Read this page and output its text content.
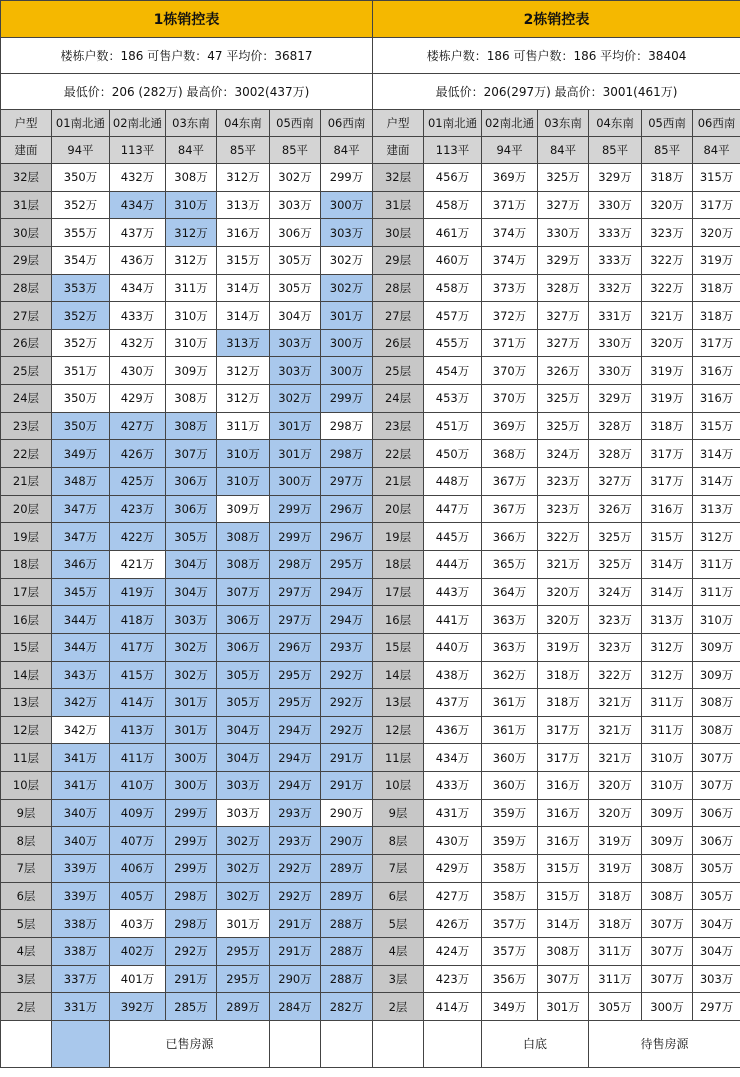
1栋销控表							2栋销控表							
楼栋户数：186 可售户数：47 平均价：36817							楼栋户数：186 可售户数：186 平均价：38404							
最低价：206 (282万) 最高价：3002(437万)							最低价：206(297万) 最高价：3001(461万)							
户型	01南北通	02南北通	03东南	04东南	05西南	06西南	户型	01南北通	02南北通	03东南	04东南	05西南	06西南	
建面	94平	113平	84平	85平	85平	84平	建面	113平	94平	84平	85平	85平	84平	
32层	350万	432万	308万	312万	302万	299万	32层	456万	369万	325万	329万	318万	315万	
31层	352万	434万	310万	313万	303万	300万	31层	458万	371万	327万	330万	320万	317万	
30层	355万	437万	312万	316万	306万	303万	30层	461万	374万	330万	333万	323万	320万	
29层	354万	436万	312万	315万	305万	302万	29层	460万	374万	329万	333万	322万	319万	
28层	353万	434万	311万	314万	305万	302万	28层	458万	373万	328万	332万	322万	318万	
27层	352万	433万	310万	314万	304万	301万	27层	457万	372万	327万	331万	321万	318万	
26层	352万	432万	310万	313万	303万	300万	26层	455万	371万	327万	330万	320万	317万	
25层	351万	430万	309万	312万	303万	300万	25层	454万	370万	326万	330万	319万	316万	
24层	350万	429万	308万	312万	302万	299万	24层	453万	370万	325万	329万	319万	316万	
23层	350万	427万	308万	311万	301万	298万	23层	451万	369万	325万	328万	318万	315万	
22层	349万	426万	307万	310万	301万	298万	22层	450万	368万	324万	328万	317万	314万	
21层	348万	425万	306万	310万	300万	297万	21层	448万	367万	323万	327万	317万	314万	
20层	347万	423万	306万	309万	299万	296万	20层	447万	367万	323万	326万	316万	313万	
19层	347万	422万	305万	308万	299万	296万	19层	445万	366万	322万	325万	315万	312万	
18层	346万	421万	304万	308万	298万	295万	18层	444万	365万	321万	325万	314万	311万	
17层	345万	419万	304万	307万	297万	294万	17层	443万	364万	320万	324万	314万	311万	
16层	344万	418万	303万	306万	297万	294万	16层	441万	363万	320万	323万	313万	310万	
15层	344万	417万	302万	306万	296万	293万	15层	440万	363万	319万	323万	312万	309万	
14层	343万	415万	302万	305万	295万	292万	14层	438万	362万	318万	322万	312万	309万	
13层	342万	414万	301万	305万	295万	292万	13层	437万	361万	318万	321万	311万	308万	
12层	342万	413万	301万	304万	294万	292万	12层	436万	361万	317万	321万	311万	308万	
11层	341万	411万	300万	304万	294万	291万	11层	434万	360万	317万	321万	310万	307万	
10层	341万	410万	300万	303万	294万	291万	10层	433万	360万	316万	320万	310万	307万	
9层	340万	409万	299万	303万	293万	290万	9层	431万	359万	316万	320万	309万	306万	
8层	340万	407万	299万	302万	293万	290万	8层	430万	359万	316万	319万	309万	306万	
7层	339万	406万	299万	302万	292万	289万	7层	429万	358万	315万	319万	308万	305万	
6层	339万	405万	298万	302万	292万	289万	6层	427万	358万	315万	318万	308万	305万	
5层	338万	403万	298万	301万	291万	288万	5层	426万	357万	314万	318万	307万	304万	
4层	338万	402万	292万	295万	291万	288万	4层	424万	357万	308万	311万	307万	304万	
3层	337万	401万	291万	295万	290万	288万	3层	423万	356万	307万	311万	307万	303万	
2层	331万	392万	285万	289万	284万	282万	2层	414万	349万	301万	305万	300万	297万	
		已售房源							白底		待售房源			
